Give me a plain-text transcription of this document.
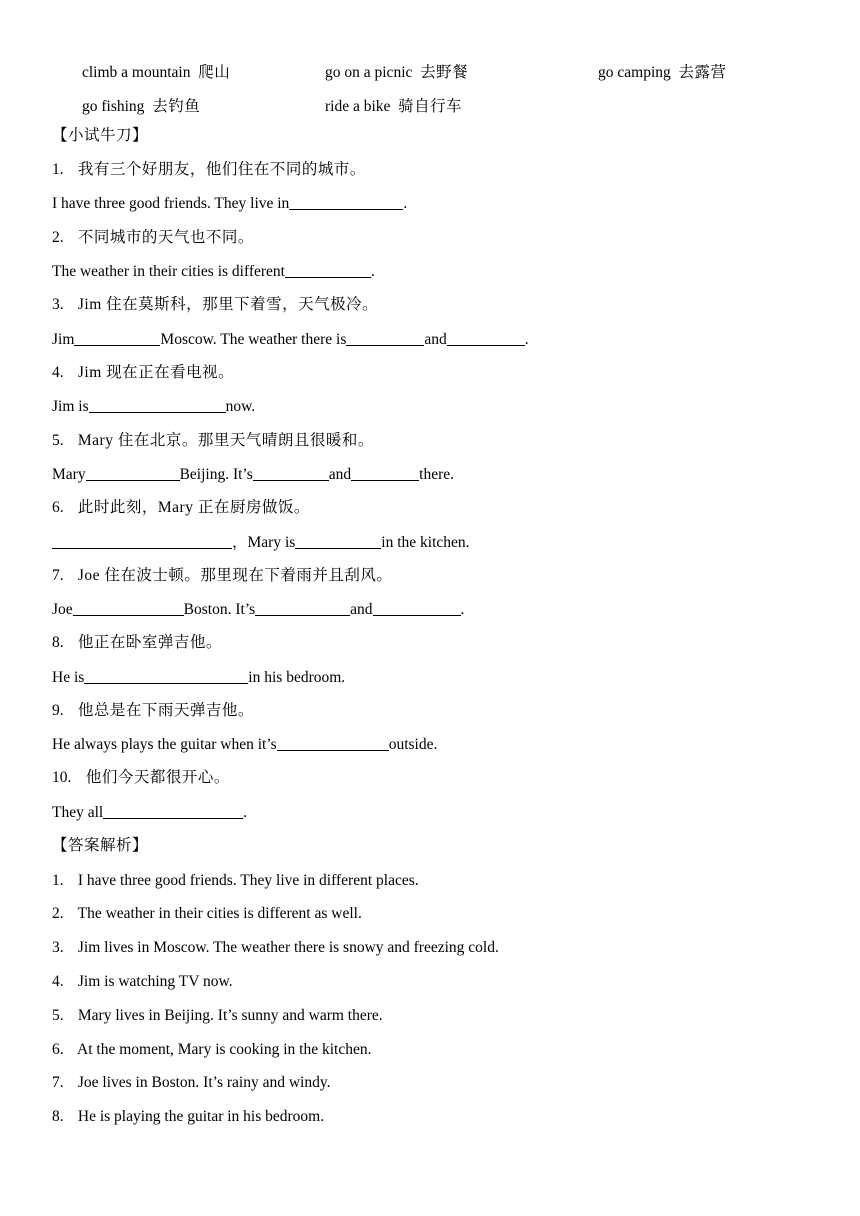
climb a mountain 爬山	go on a picnic 去野餐	go camping 去露营
go fishing 去钓鱼	ride a bike 骑自行车
【小试牛刀】
1. 我有三个好朋友，他们住在不同的城市。
I have three good friends. They live in	.
2. 不同城市的天气也不同。
The weather in their cities is different	.
3. Jim 住在莫斯科，那里下着雪，天气极冷。
Jim	Moscow. The weather there is	and	.
4. Jim 现在正在看电视。
Jim is	now.
5. Mary 住在北京。那里天气晴朗且很暖和。
Mary	Beijing. It’s	and	there.
6. 此时此刻，Mary 正在厨房做饭。
，Mary is	in the kitchen.
7. Joe 住在波士顿。那里现在下着雨并且刮风。
Joe	Boston. It’s	and	.
8. 他正在卧室弹吉他。
He is	in his bedroom.
9. 他总是在下雨天弹吉他。
He always plays the guitar when it’s	outside.
10. 他们今天都很开心。
They all	.
【答案解析】
1. I have three good friends. They live in different places.
2. The weather in their cities is different as well.
3. Jim lives in Moscow. The weather there is snowy and freezing cold.
4. Jim is watching TV now.
5. Mary lives in Beijing. It’s sunny and warm there.
6. At the moment, Mary is cooking in the kitchen.
7. Joe lives in Boston. It’s rainy and windy.
8. He is playing the guitar in his bedroom.
